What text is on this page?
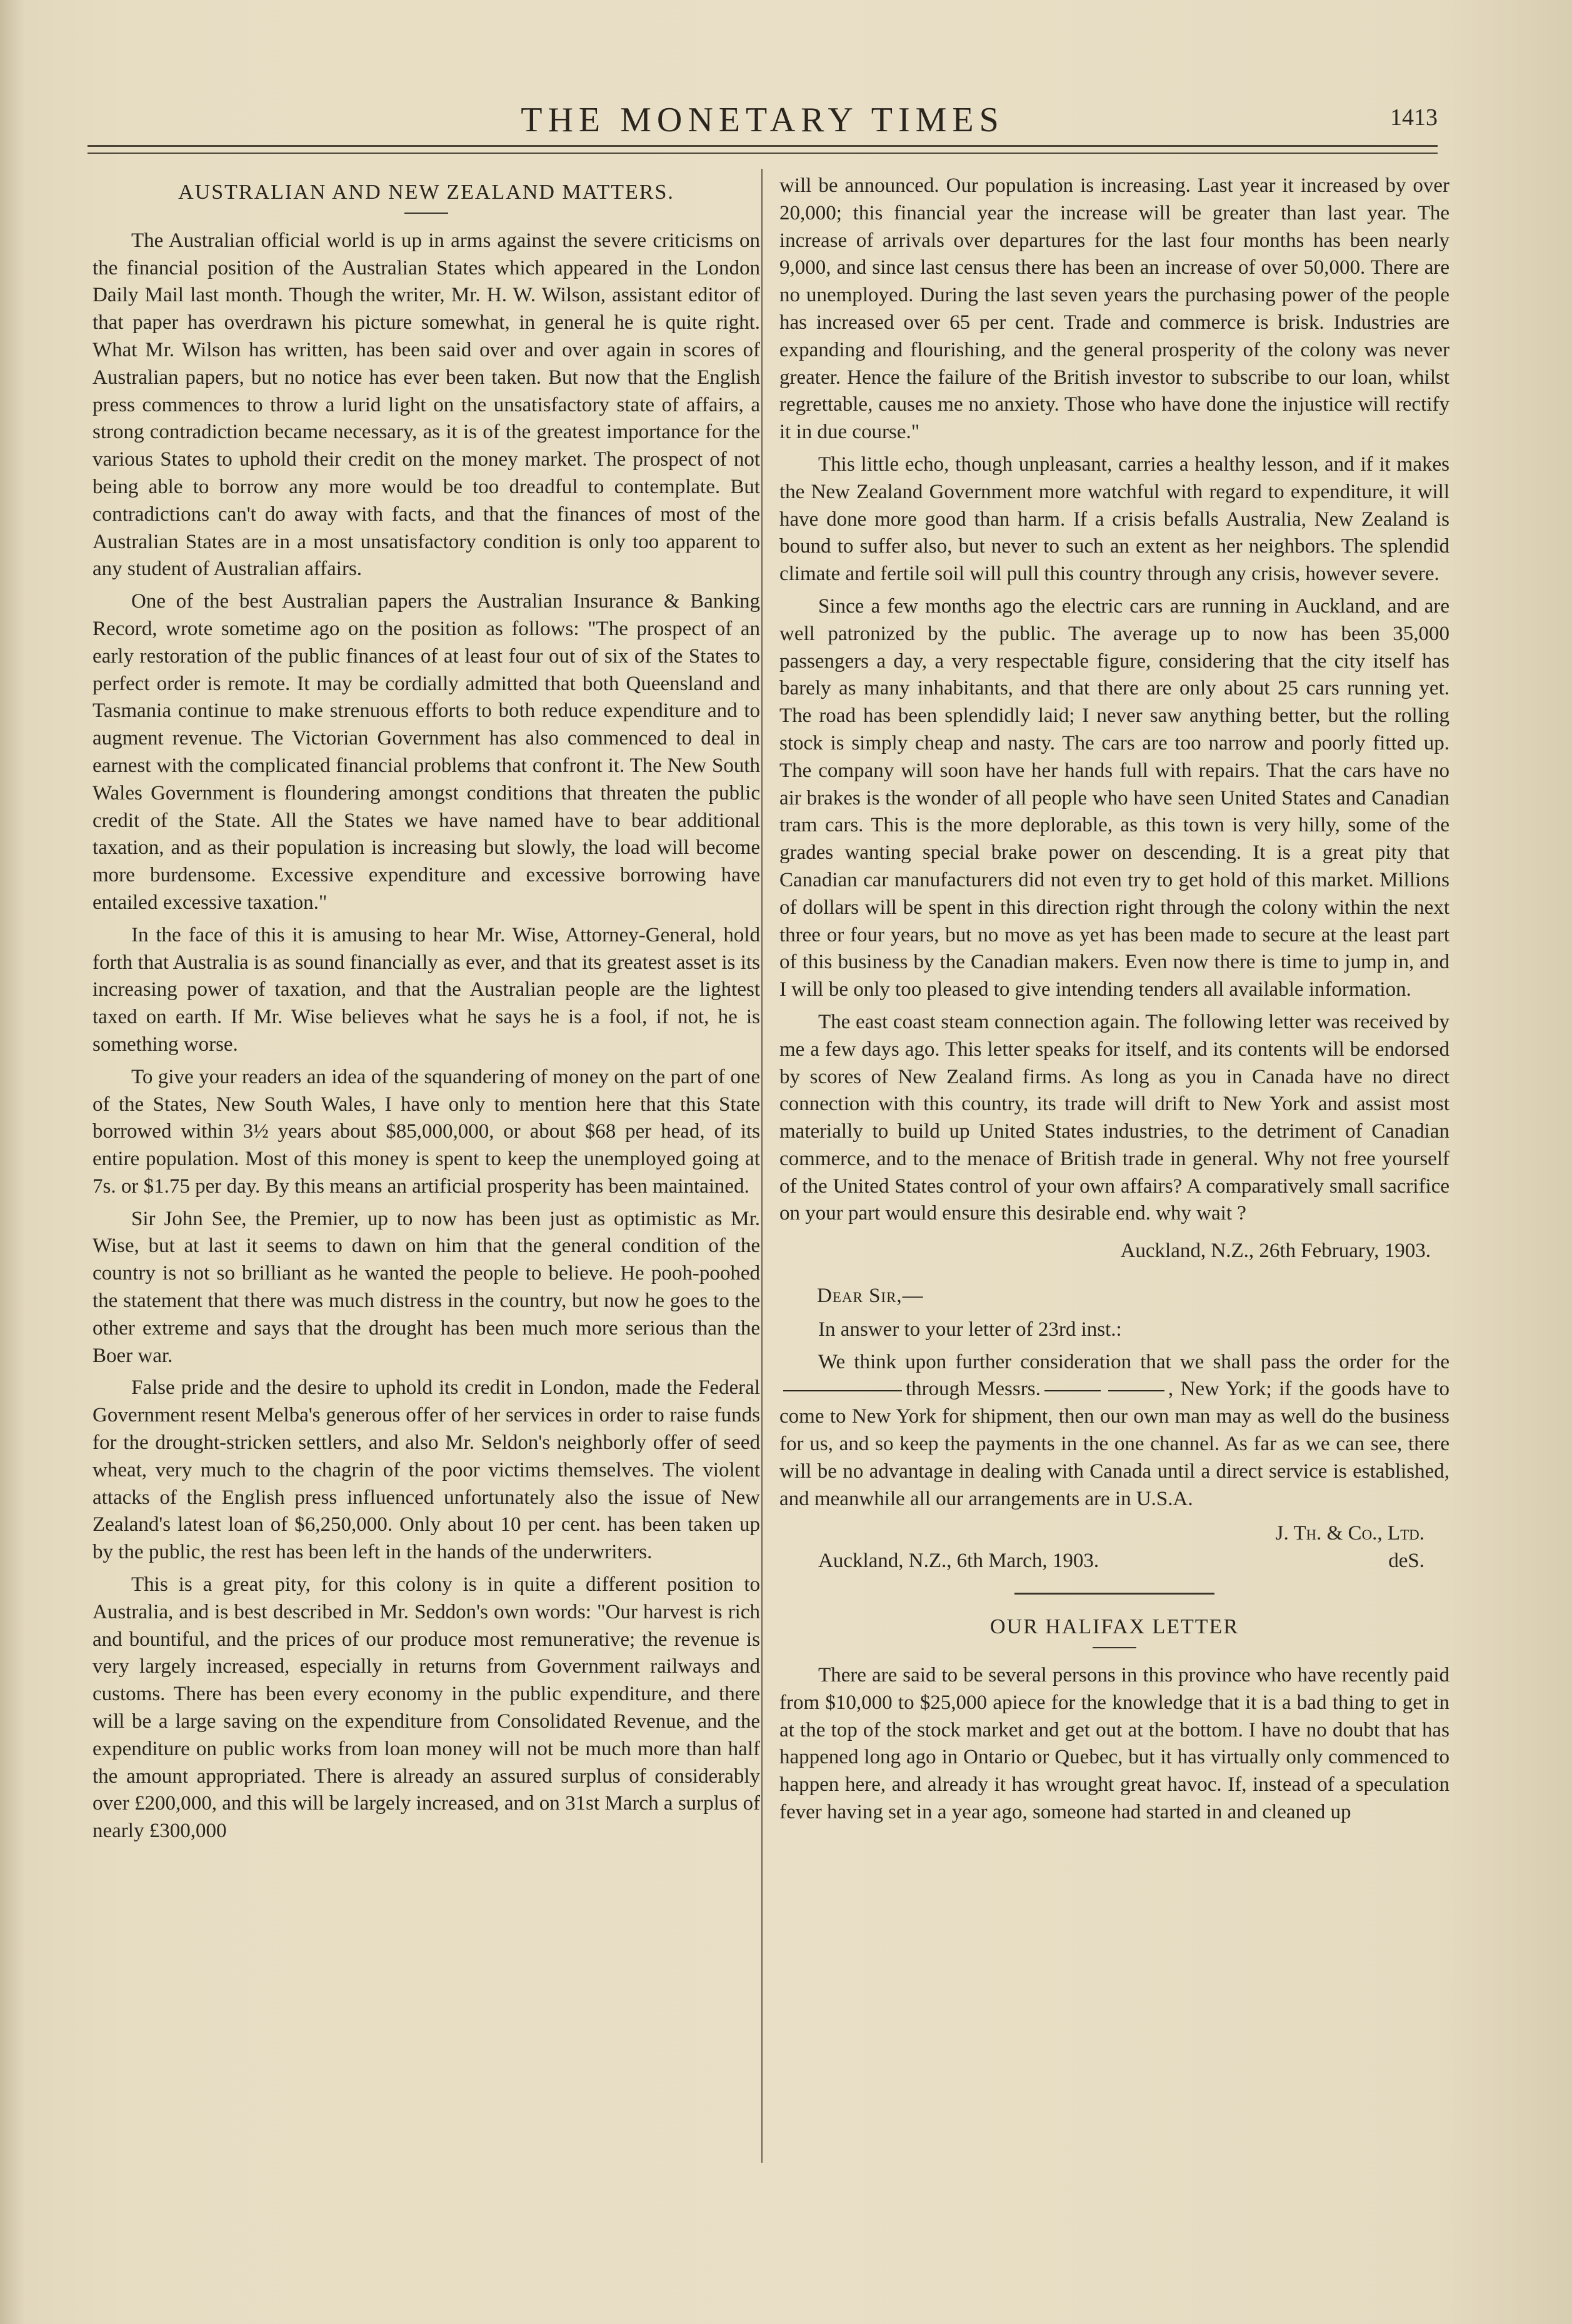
THE MONETARY TIMES	1413
AUSTRALIAN AND NEW ZEALAND MATTERS.

The Australian official world is up in arms against the severe criticisms on the financial position of the Australian States which appeared in the London Daily Mail last month. Though the writer, Mr. H. W. Wilson, assistant editor of that paper has overdrawn his picture somewhat, in general he is quite right. What Mr. Wilson has written, has been said over and over again in scores of Australian papers, but no notice has ever been taken. But now that the English press commences to throw a lurid light on the unsatisfactory state of affairs, a strong contradiction became necessary, as it is of the greatest importance for the various States to uphold their credit on the money market. The prospect of not being able to borrow any more would be too dreadful to contemplate. But contradictions can't do away with facts, and that the finances of most of the Australian States are in a most unsatisfactory condition is only too apparent to any student of Australian affairs.

One of the best Australian papers the Australian Insurance & Banking Record, wrote sometime ago on the position as follows: "The prospect of an early restoration of the public finances of at least four out of six of the States to perfect order is remote. It may be cordially admitted that both Queensland and Tasmania continue to make strenuous efforts to both reduce expenditure and to augment revenue. The Victorian Government has also commenced to deal in earnest with the complicated financial problems that confront it. The New South Wales Government is floundering amongst conditions that threaten the public credit of the State. All the States we have named have to bear additional taxation, and as their population is increasing but slowly, the load will become more burdensome. Excessive expenditure and excessive borrowing have entailed excessive taxation."

In the face of this it is amusing to hear Mr. Wise, Attorney-General, hold forth that Australia is as sound financially as ever, and that its greatest asset is its increasing power of taxation, and that the Australian people are the lightest taxed on earth. If Mr. Wise believes what he says he is a fool, if not, he is something worse.

To give your readers an idea of the squandering of money on the part of one of the States, New South Wales, I have only to mention here that this State borrowed within 3½ years about $85,000,000, or about $68 per head, of its entire population. Most of this money is spent to keep the unemployed going at 7s. or $1.75 per day. By this means an artificial prosperity has been maintained.

Sir John See, the Premier, up to now has been just as optimistic as Mr. Wise, but at last it seems to dawn on him that the general condition of the country is not so brilliant as he wanted the people to believe. He pooh-poohed the statement that there was much distress in the country, but now he goes to the other extreme and says that the drought has been much more serious than the Boer war.

False pride and the desire to uphold its credit in London, made the Federal Government resent Melba's generous offer of her services in order to raise funds for the drought-stricken settlers, and also Mr. Seldon's neighborly offer of seed wheat, very much to the chagrin of the poor victims themselves. The violent attacks of the English press influenced unfortunately also the issue of New Zealand's latest loan of $6,250,000. Only about 10 per cent. has been taken up by the public, the rest has been left in the hands of the underwriters.

This is a great pity, for this colony is in quite a different position to Australia, and is best described in Mr. Seddon's own words: "Our harvest is rich and bountiful, and the prices of our produce most remunerative; the revenue is very largely increased, especially in returns from Government railways and customs. There has been every economy in the public expenditure, and there will be a large saving on the expenditure from Consolidated Revenue, and the expenditure on public works from loan money will not be much more than half the amount appropriated. There is already an assured surplus of considerably over £200,000, and this will be largely increased, and on 31st March a surplus of nearly £300,000

will be announced. Our population is increasing. Last year it increased by over 20,000; this financial year the increase will be greater than last year. The increase of arrivals over departures for the last four months has been nearly 9,000, and since last census there has been an increase of over 50,000. There are no unemployed. During the last seven years the purchasing power of the people has increased over 65 per cent. Trade and commerce is brisk. Industries are expanding and flourishing, and the general prosperity of the colony was never greater. Hence the failure of the British investor to subscribe to our loan, whilst regrettable, causes me no anxiety. Those who have done the injustice will rectify it in due course."

This little echo, though unpleasant, carries a healthy lesson, and if it makes the New Zealand Government more watchful with regard to expenditure, it will have done more good than harm. If a crisis befalls Australia, New Zealand is bound to suffer also, but never to such an extent as her neighbors. The splendid climate and fertile soil will pull this country through any crisis, however severe.

Since a few months ago the electric cars are running in Auckland, and are well patronized by the public. The average up to now has been 35,000 passengers a day, a very respectable figure, considering that the city itself has barely as many inhabitants, and that there are only about 25 cars running yet. The road has been splendidly laid; I never saw anything better, but the rolling stock is simply cheap and nasty. The cars are too narrow and poorly fitted up. The company will soon have her hands full with repairs. That the cars have no air brakes is the wonder of all people who have seen United States and Canadian tram cars. This is the more deplorable, as this town is very hilly, some of the grades wanting special brake power on descending. It is a great pity that Canadian car manufacturers did not even try to get hold of this market. Millions of dollars will be spent in this direction right through the colony within the next three or four years, but no move as yet has been made to secure at the least part of this business by the Canadian makers. Even now there is time to jump in, and I will be only too pleased to give intending tenders all available information.

The east coast steam connection again. The following letter was received by me a few days ago. This letter speaks for itself, and its contents will be endorsed by scores of New Zealand firms. As long as you in Canada have no direct connection with this country, its trade will drift to New York and assist most materially to build up United States industries, to the detriment of Canadian commerce, and to the menace of British trade in general. Why not free yourself of the United States control of your own affairs? A comparatively small sacrifice on your part would ensure this desirable end. why wait ?

Auckland, N.Z., 26th February, 1903.
Dear Sir,—

In answer to your letter of 23rd inst.:

We think upon further consideration that we shall pass the order for thethrough Messrs.	, New York; if the goods have to come to New York for shipment, then our own man may as well do the business for us, and so keep the payments in the one channel. As far as we can see, there will be no advantage in dealing with Canada until a direct service is established, and meanwhile all our arrangements are in U.S.A.

J. Th. & Co., Ltd.
Auckland, N.Z., 6th March, 1903.	deS.
OUR HALIFAX LETTER

There are said to be several persons in this province who have recently paid from $10,000 to $25,000 apiece for the knowledge that it is a bad thing to get in at the top of the stock market and get out at the bottom. I have no doubt that has happened long ago in Ontario or Quebec, but it has virtually only commenced to happen here, and already it has wrought great havoc. If, instead of a speculation fever having set in a year ago, someone had started in and cleaned up
